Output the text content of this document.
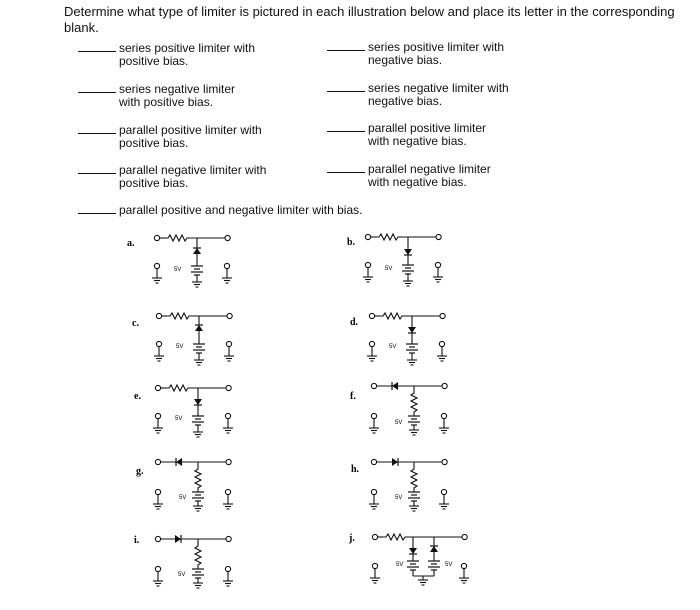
Determine what type of limiter is pictured in each illustration below and place its letter in the corresponding blank.
series positive limiter with
positive bias.
series positive limiter with
negative bias.
series negative limiter
with positive bias.
series negative limiter with
negative bias.
parallel positive limiter with
positive bias.
parallel positive limiter
with negative bias.
parallel negative limiter with
positive bias.
parallel negative limiter
with negative bias.
parallel positive and negative limiter with bias.
a.
5V
b.
5V
c.
5V
d.
5V
e.
5V
f.
5V
g.
5V
h.
5V
i.
5V
j.
5V	5V
